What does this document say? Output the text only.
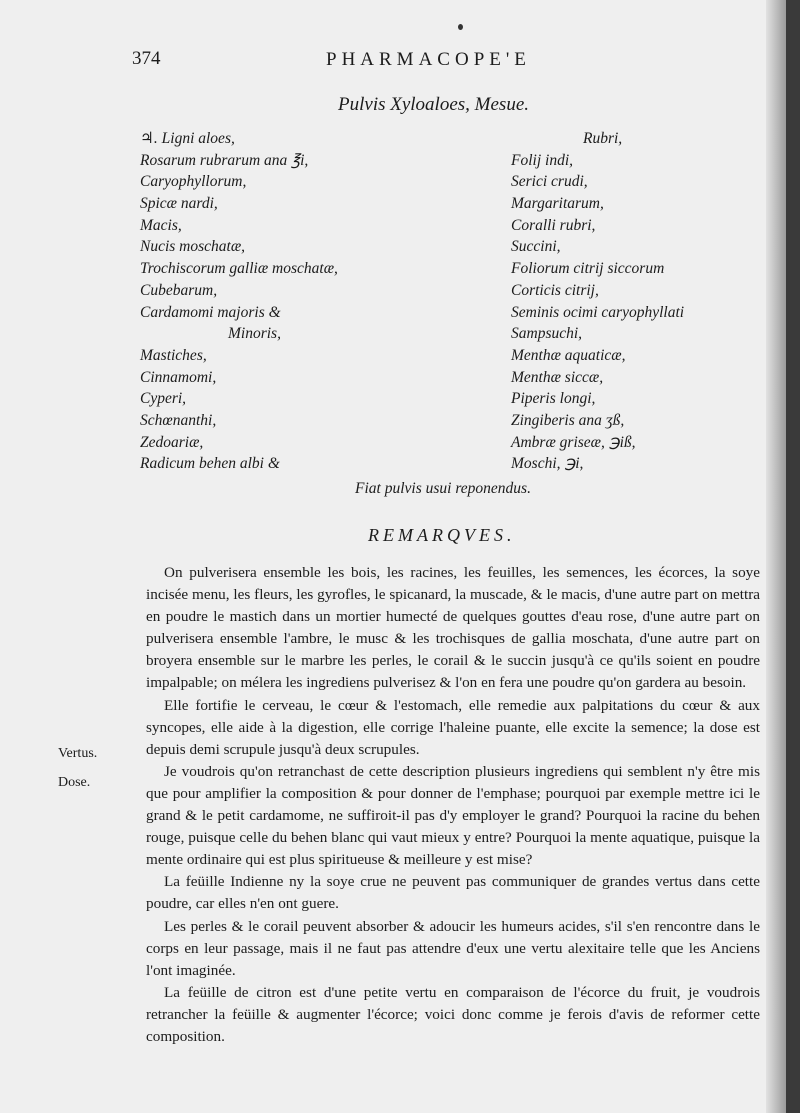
374	PHARMACOPE'E
Pulvis Xyloaloes, Mesue.
♃. Ligni aloes,
Rosarum rubrarum ana ℥i,
Caryophyllorum,
Spicæ nardi,
Macis,
Nucis moschatæ,
Trochiscorum galliæ moschatæ,
Cubebarum,
Cardamomi majoris &
Minoris,
Mastiches,
Cinnamomi,
Cyperi,
Schœnanthi,
Zedoariæ,
Radicum behen albi &
Rubri,
Folij indi,
Serici crudi,
Margaritarum,
Coralli rubri,
Succini,
Foliorum citrij siccorum
Corticis citrij,
Seminis ocimi caryophyllati
Sampsuchi,
Menthæ aquaticæ,
Menthæ siccæ,
Piperis longi,
Zingiberis ana ʒß,
Ambræ griseæ, ℈iß,
Moschi, ℈i,
Fiat pulvis usui reponendus.
REMARQVES.
Vertus.
Dose.

On pulverisera ensemble les bois, les racines, les feuilles, les semences, les écorces, la soye incisée menu, les fleurs, les gyrofles, le spicanard, la muscade, & le macis, d'une autre part on mettra en poudre le mastich dans un mortier humecté de quelques gouttes d'eau rose, d'une autre part on pulverisera ensemble l'ambre, le musc & les trochisques de gallia moschata, d'une autre part on broyera ensemble sur le marbre les perles, le corail & le succin jusqu'à ce qu'ils soient en poudre impalpable; on mélera les ingrediens pulverisez & l'on en fera une poudre qu'on gardera au besoin.

Elle fortifie le cerveau, le cœur & l'estomach, elle remedie aux palpitations du cœur & aux syncopes, elle aide à la digestion, elle corrige l'haleine puante, elle excite la semence; la dose est depuis demi scrupule jusqu'à deux scrupules.

Je voudrois qu'on retranchast de cette description plusieurs ingrediens qui semblent n'y être mis que pour amplifier la composition & pour donner de l'emphase; pourquoi par exemple mettre ici le grand & le petit cardamome, ne suffiroit-il pas d'y employer le grand? Pourquoi la racine du behen rouge, puisque celle du behen blanc qui vaut mieux y entre? Pourquoi la mente aquatique, puisque la mente ordinaire qui est plus spiritueuse & meilleure y est mise?

La feüille Indienne ny la soye crue ne peuvent pas communiquer de grandes vertus dans cette poudre, car elles n'en ont guere.

Les perles & le corail peuvent absorber & adoucir les humeurs acides, s'il s'en rencontre dans le corps en leur passage, mais il ne faut pas attendre d'eux une vertu alexitaire telle que les Anciens l'ont imaginée.

La feüille de citron est d'une petite vertu en comparaison de l'écorce du fruit, je voudrois retrancher la feüille & augmenter l'écorce; voici donc comme je ferois d'avis de reformer cette composition.
